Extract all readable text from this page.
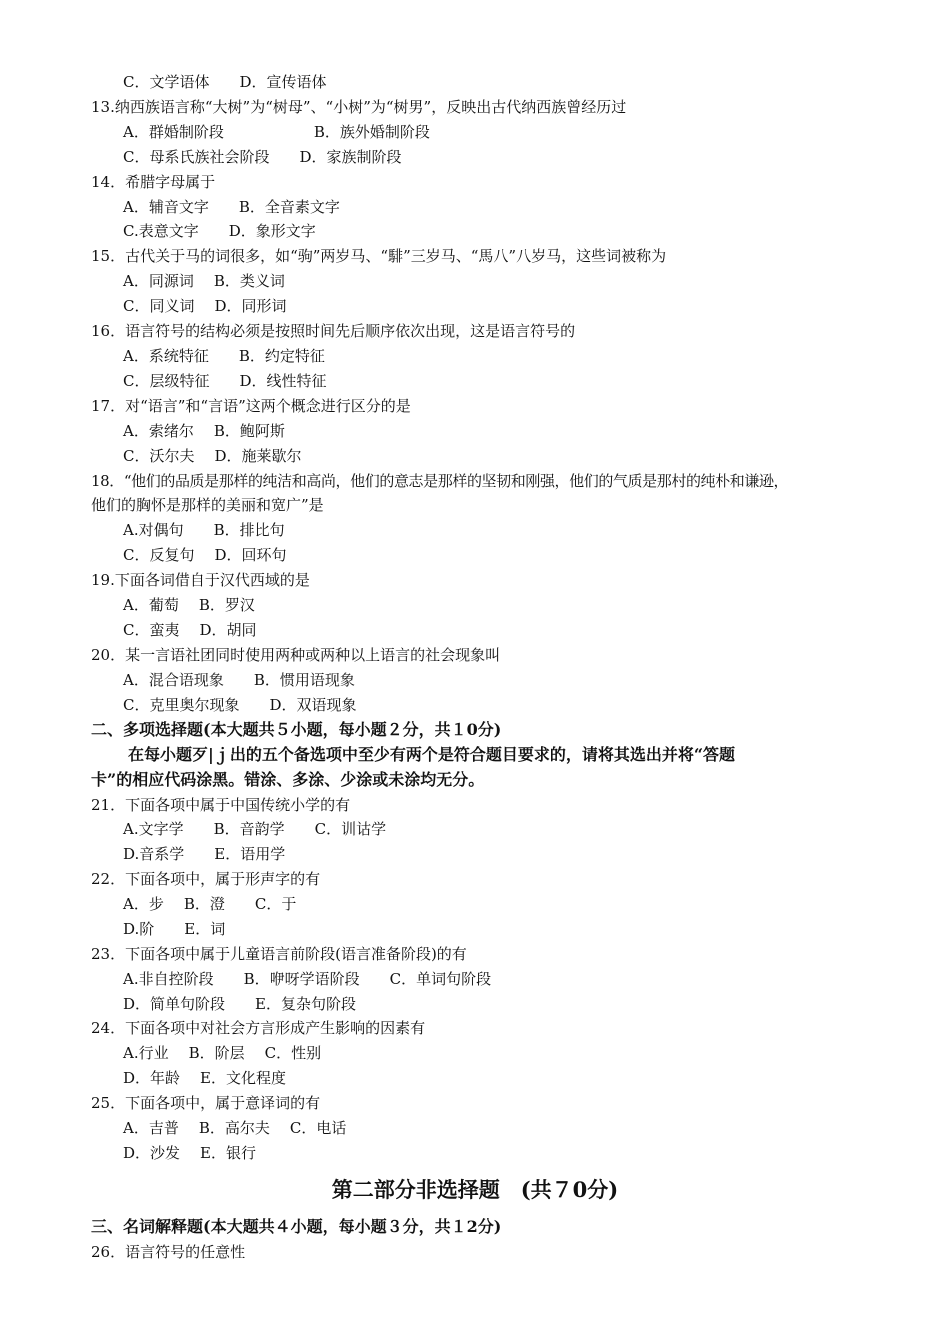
C．文学语体 D．宣传语体
13.纳西族语言称“大树”为“树母”、“小树”为“树男”，反映出古代纳西族曾经历过
A．群婚制阶段	B．族外婚制阶段
C．母系氏族社会阶段 D．家族制阶段
14．希腊字母属于
A．辅音文字 B．全音素文字
C.表意文字 D．象形文字
15．古代关于马的词很多，如“驹”两岁马、“騑”三岁马、“馬八”八岁马，这些词被称为
A．同源词 B．类义词
C．同义词 D．同形词
16．语言符号的结构必须是按照时间先后顺序依次出现，这是语言符号的
A．系统特征 B．约定特征
C．层级特征 D．线性特征
17．对“语言”和“言语”这两个概念进行区分的是
A．索绪尔 B．鲍阿斯
C．沃尔夫 D．施莱歇尔
18．“他们的品质是那样的纯洁和高尚，他们的意志是那样的坚韧和刚强，他们的气质是那村的纯朴和谦逊，
他们的胸怀是那样的美丽和宽广”是
A.对偶句 B．排比句
C．反复句 D．回环句
19.下面各词借自于汉代西域的是
A．葡萄 B．罗汉
C．蛮夷 D．胡同
20．某一言语社团同时使用两种或两种以上语言的社会现象叫
A．混合语现象 B．惯用语现象
C．克里奥尔现象 D．双语现象
二、多项选择题(本大题共５小题，每小题２分，共１0分)
在每小题歹|ｊ出的五个备选项中至少有两个是符合题目要求的，请将其选出并将“答题
卡”的相应代码涂黑。错涂、多涂、少涂或未涂均无分。
21．下面各项中属于中国传统小学的有
A.文字学 B．音韵学 C．训诂学
D.音系学 E．语用学
22．下面各项中，属于形声字的有
A．步 B．澄 C．于
D.阶 E．词
23．下面各项中属于儿童语言前阶段(语言准备阶段)的有
A.非自控阶段 B．咿呀学语阶段 C．单词句阶段
D．简单句阶段 E．复杂句阶段
24．下面各项中对社会方言形成产生影响的因素有
A.行业 B．阶层 C．性别
D．年龄 E．文化程度
25．下面各项中，属于意译词的有
A．吉普 B．高尔夫 C．电话
D．沙发 E．银行
第二部分非选择题　(共７0分)
三、名词解释题(本大题共４小题，每小题３分，共１2分)
26．语言符号的任意性
